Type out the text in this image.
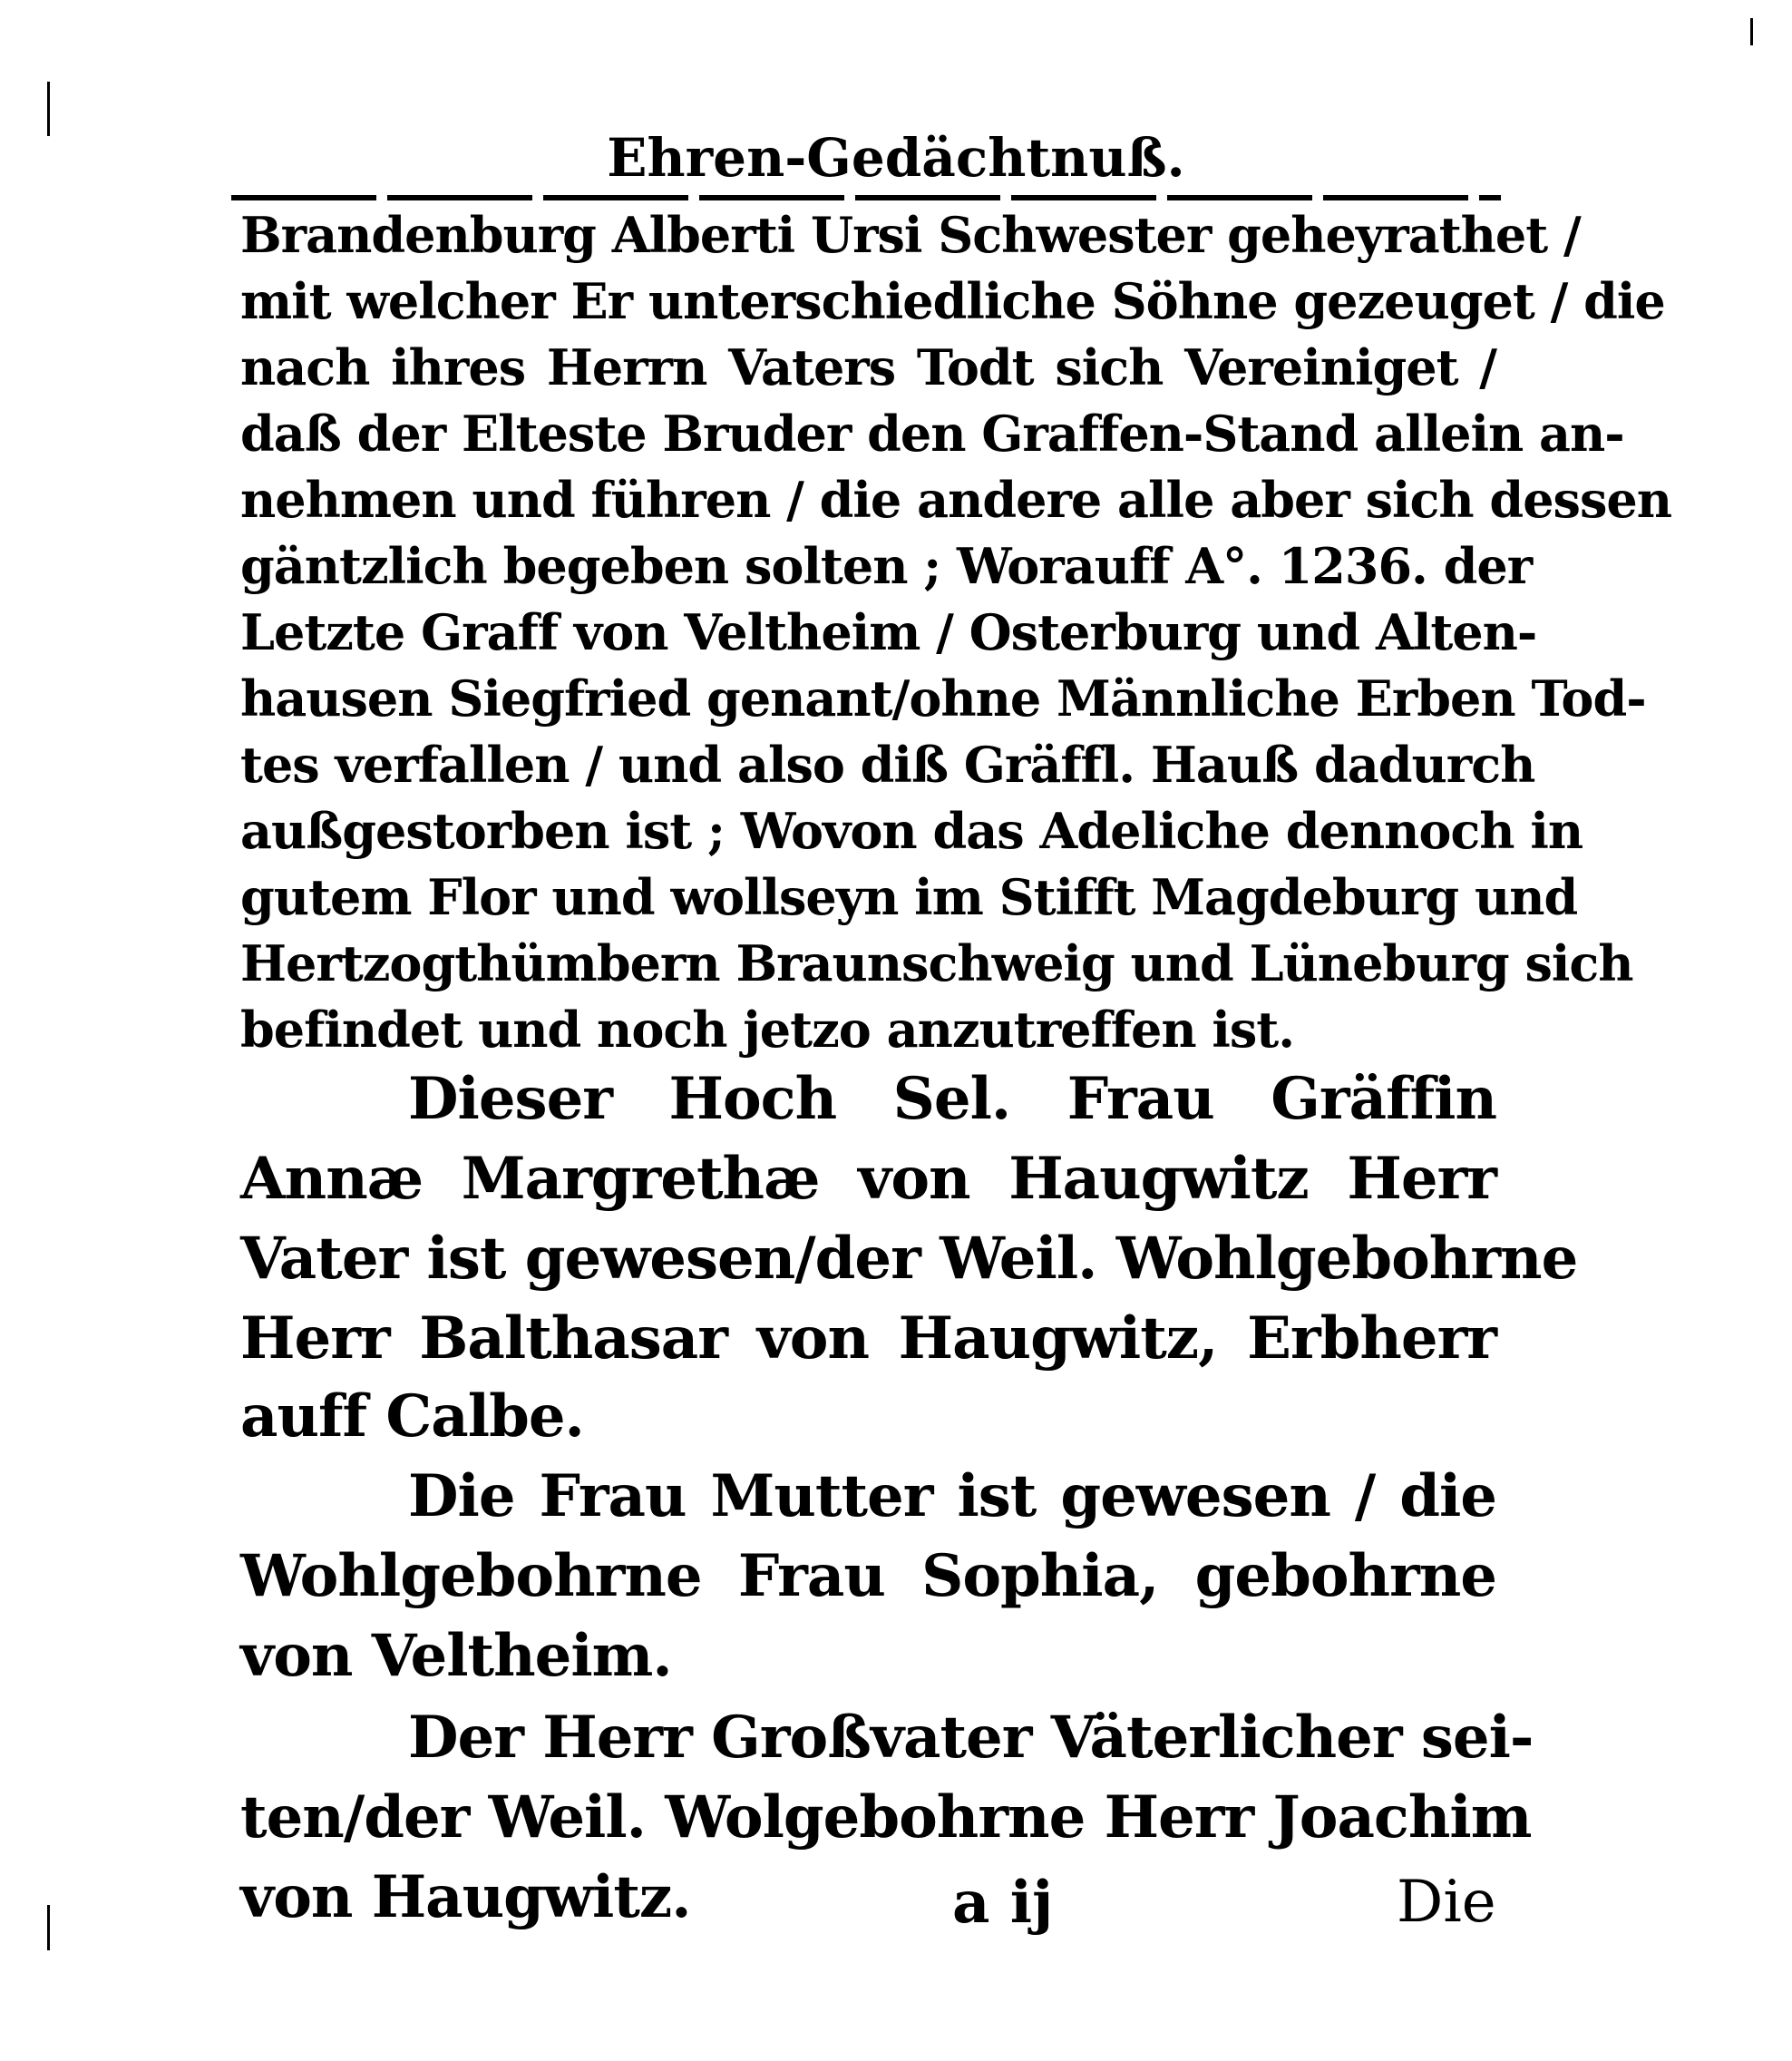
Ehren-Gedächtnuß.
Brandenburg Alberti Ursi Schwester geheyrathet /
mit welcher Er unterschiedliche Söhne gezeuget / die
nach ihres Herrn Vaters Todt sich Vereiniget /
daß der Elteste Bruder den Graffen-Stand allein an-
nehmen und führen / die andere alle aber sich dessen
gäntzlich begeben solten ; Worauff A°. 1236. der
Letzte Graff von Veltheim / Osterburg und Alten-
hausen Siegfried genant/ohne Männliche Erben Tod-
tes verfallen / und also diß Gräffl. Hauß dadurch
außgestorben ist ; Wovon das Adeliche dennoch in
gutem Flor und wollseyn im Stifft Magdeburg und
Hertzogthümbern Braunschweig und Lüneburg sich
befindet und noch jetzo anzutreffen ist.
Dieser Hoch Sel. Frau Gräffin
Annæ Margrethæ von Haugwitz Herr
Vater ist gewesen/der Weil. Wohlgebohrne
Herr Balthasar von Haugwitz, Erbherr
auff Calbe.
Die Frau Mutter ist gewesen / die
Wohlgebohrne Frau Sophia, gebohrne
von Veltheim.
Der Herr Großvater Väterlicher sei-
ten/der Weil. Wolgebohrne Herr Joachim
von Haugwitz.	a ij	Die
